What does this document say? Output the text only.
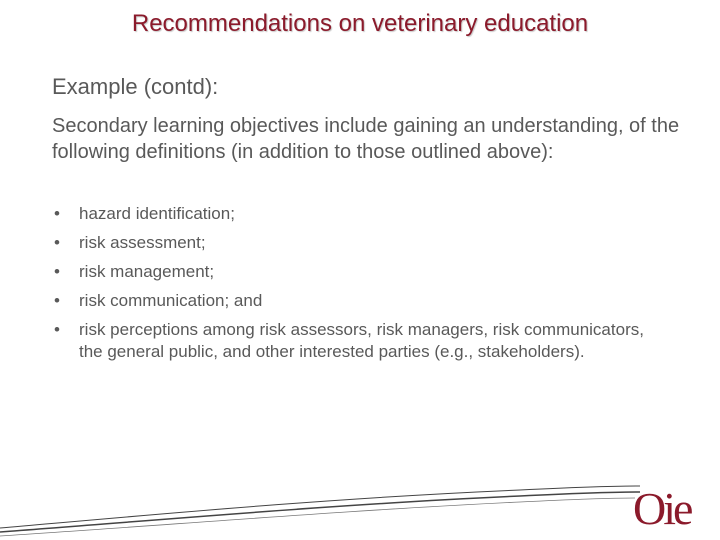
Recommendations on veterinary education
Example (contd):
Secondary learning objectives include gaining an understanding, of the following definitions (in addition to those outlined above):
• hazard identification;
• risk assessment;
• risk management;
• risk communication; and
• risk perceptions among risk assessors, risk managers, risk communicators, the general public, and other interested parties (e.g., stakeholders).
Oie
